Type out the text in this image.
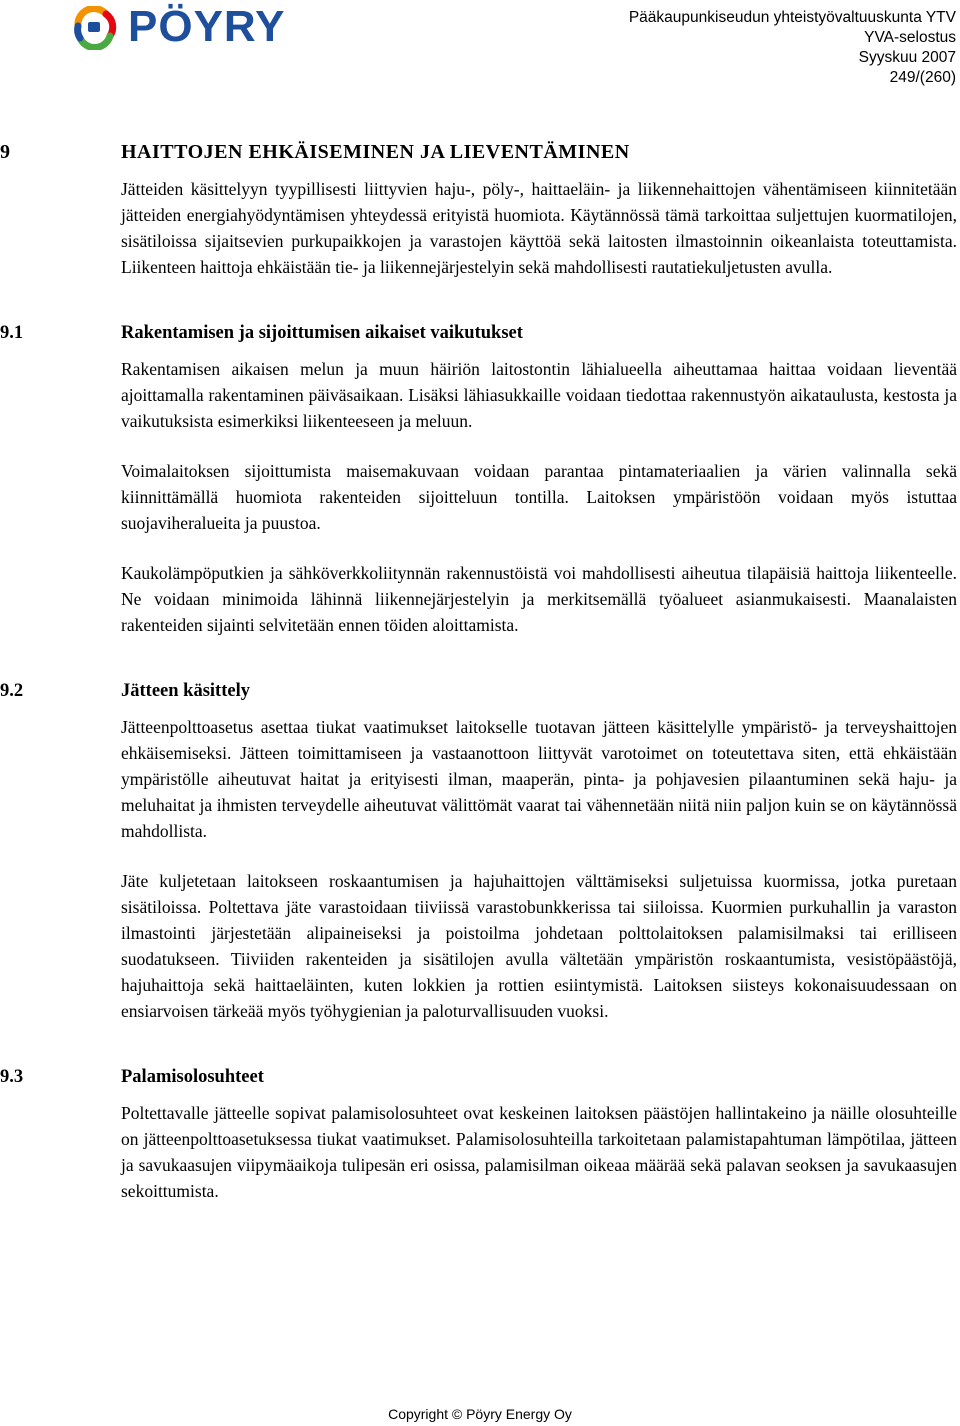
PÖYRY	Pääkaupunkiseudun yhteistyövaltuuskunta YTV
YVA-selostus
Syyskuu 2007
249/(260)
9	HAITTOJEN EHKÄISEMINEN JA LIEVENTÄMINEN

Jätteiden käsittelyyn tyypillisesti liittyvien haju-, pöly-, haittaeläin- ja liikennehaittojen vähentämiseen kiinnitetään jätteiden energiahyödyntämisen yhteydessä erityistä huomiota. Käytännössä tämä tarkoittaa suljettujen kuormatilojen, sisätiloissa sijaitsevien purkupaikkojen ja varastojen käyttöä sekä laitosten ilmastoinnin oikeanlaista toteuttamista. Liikenteen haittoja ehkäistään tie- ja liikennejärjestelyin sekä mahdollisesti rautatiekuljetusten avulla.

9.1	Rakentamisen ja sijoittumisen aikaiset vaikutukset

Rakentamisen aikaisen melun ja muun häiriön laitostontin lähialueella aiheuttamaa haittaa voidaan lieventää ajoittamalla rakentaminen päiväsaikaan. Lisäksi lähiasukkaille voidaan tiedottaa rakennustyön aikataulusta, kestosta ja vaikutuksista esimerkiksi liikenteeseen ja meluun.

Voimalaitoksen sijoittumista maisemakuvaan voidaan parantaa pintamateriaalien ja värien valinnalla sekä kiinnittämällä huomiota rakenteiden sijoitteluun tontilla. Laitoksen ympäristöön voidaan myös istuttaa suojaviheralueita ja puustoa.

Kaukolämpöputkien ja sähköverkkoliitynnän rakennustöistä voi mahdollisesti aiheutua tilapäisiä haittoja liikenteelle. Ne voidaan minimoida lähinnä liikennejärjestelyin ja merkitsemällä työalueet asianmukaisesti. Maanalaisten rakenteiden sijainti selvitetään ennen töiden aloittamista.

9.2	Jätteen käsittely

Jätteenpolttoasetus asettaa tiukat vaatimukset laitokselle tuotavan jätteen käsittelylle ympäristö- ja terveyshaittojen ehkäisemiseksi. Jätteen toimittamiseen ja vastaanottoon liittyvät varotoimet on toteutettava siten, että ehkäistään ympäristölle aiheutuvat haitat ja erityisesti ilman, maaperän, pinta- ja pohjavesien pilaantuminen sekä haju- ja meluhaitat ja ihmisten terveydelle aiheutuvat välittömät vaarat tai vähennetään niitä niin paljon kuin se on käytännössä mahdollista.

Jäte kuljetetaan laitokseen roskaantumisen ja hajuhaittojen välttämiseksi suljetuissa kuormissa, jotka puretaan sisätiloissa. Poltettava jäte varastoidaan tiiviissä varastobunkkerissa tai siiloissa. Kuormien purkuhallin ja varaston ilmastointi järjestetään alipaineiseksi ja poistoilma johdetaan polttolaitoksen palamisilmaksi tai erilliseen suodatukseen. Tiiviiden rakenteiden ja sisätilojen avulla vältetään ympäristön roskaantumista, vesistöpäästöjä, hajuhaittoja sekä haittaeläinten, kuten lokkien ja rottien esiintymistä. Laitoksen siisteys kokonaisuudessaan on ensiarvoisen tärkeää myös työhygienian ja paloturvallisuuden vuoksi.

9.3	Palamisolosuhteet

Poltettavalle jätteelle sopivat palamisolosuhteet ovat keskeinen laitoksen päästöjen hallintakeino ja näille olosuhteille on jätteenpolttoasetuksessa tiukat vaatimukset. Palamisolosuhteilla tarkoitetaan palamistapahtuman lämpötilaa, jätteen ja savukaasujen viipymäaikoja tulipesän eri osissa, palamisilman oikeaa määrää sekä palavan seoksen ja savukaasujen sekoittumista.

Copyright © Pöyry Energy Oy
